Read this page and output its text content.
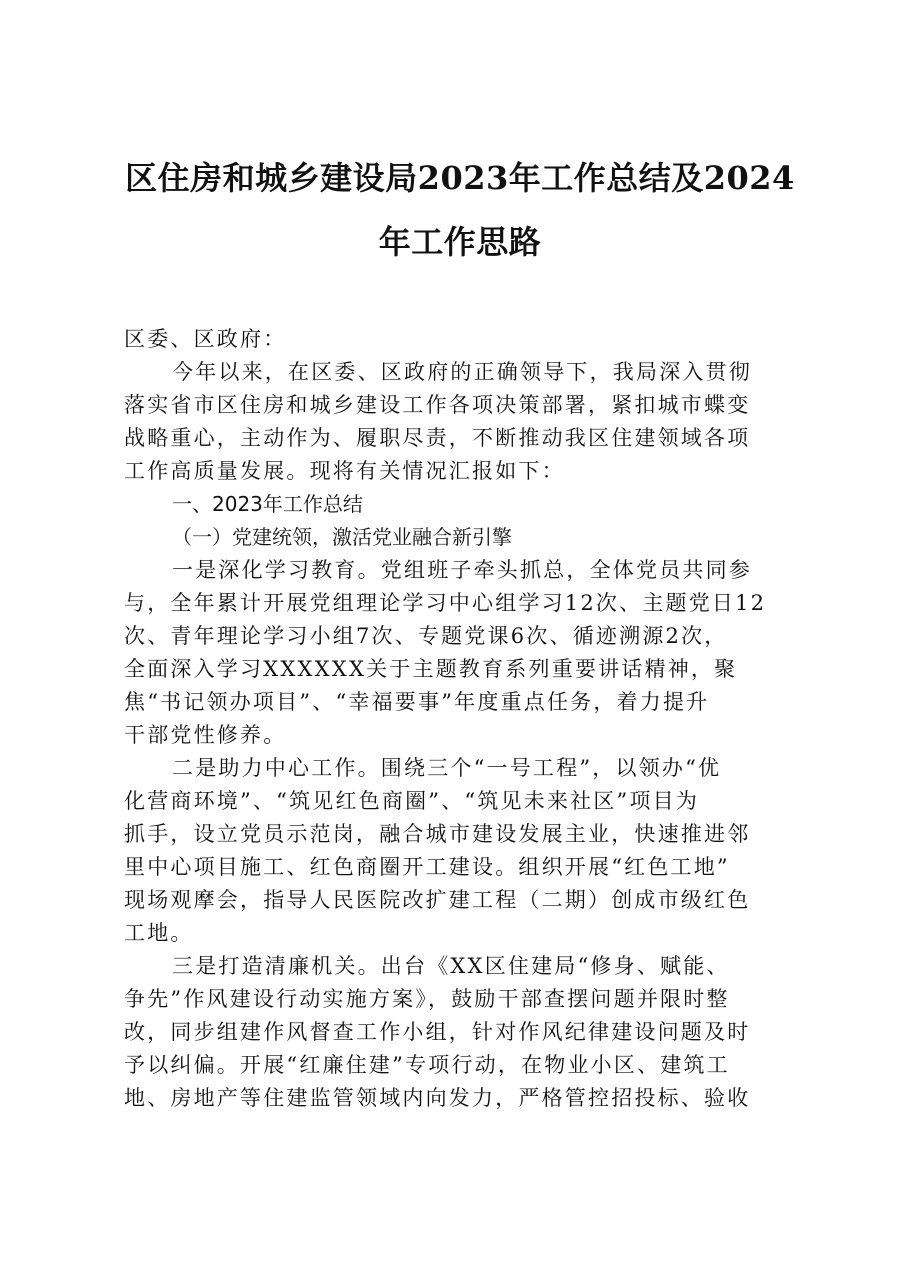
区住房和城乡建设局2023年工作总结及2024
年工作思路
区委、区政府：
今年以来，在区委、区政府的正确领导下，我局深入贯彻
落实省市区住房和城乡建设工作各项决策部署，紧扣城市蝶变
战略重心，主动作为、履职尽责，不断推动我区住建领域各项
工作高质量发展。现将有关情况汇报如下：
一、2023年工作总结
（一）党建统领，激活党业融合新引擎
一是深化学习教育。党组班子牵头抓总，全体党员共同参
与，全年累计开展党组理论学习中心组学习12次、主题党日12
次、青年理论学习小组7次、专题党课6次、循迹溯源2次，
全面深入学习XXXXXX关于主题教育系列重要讲话精神，聚
焦“书记领办项目”、“幸福要事”年度重点任务，着力提升
干部党性修养。
二是助力中心工作。围绕三个“一号工程”，以领办“优
化营商环境”、“筑见红色商圈”、“筑见未来社区”项目为
抓手，设立党员示范岗，融合城市建设发展主业，快速推进邻
里中心项目施工、红色商圈开工建设。组织开展“红色工地”
现场观摩会，指导人民医院改扩建工程（二期）创成市级红色
工地。
三是打造清廉机关。出台《XX区住建局“修身、赋能、
争先”作风建设行动实施方案》，鼓励干部查摆问题并限时整
改，同步组建作风督查工作小组，针对作风纪律建设问题及时
予以纠偏。开展“红廉住建”专项行动，在物业小区、建筑工
地、房地产等住建监管领域内向发力，严格管控招投标、验收
